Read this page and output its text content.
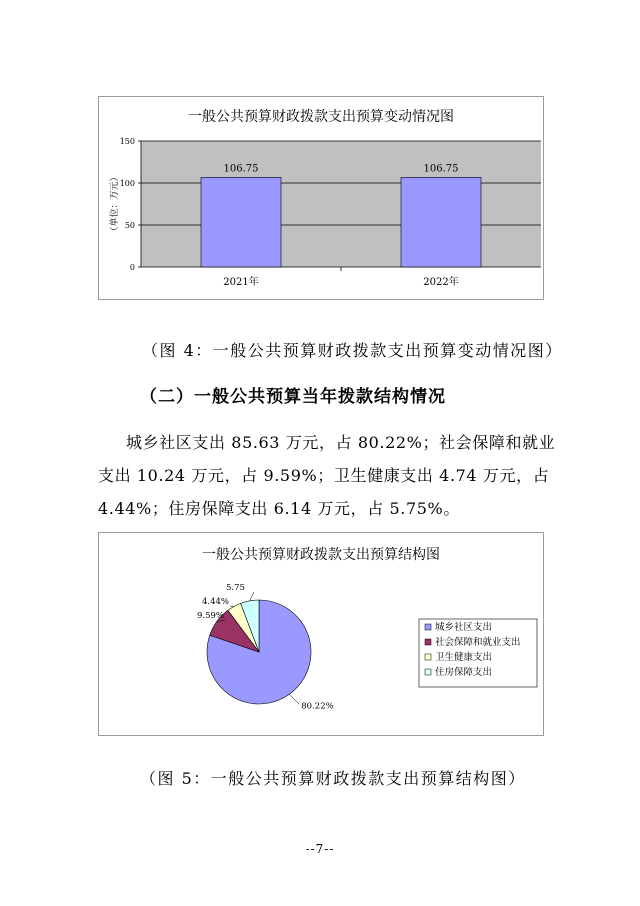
一般公共预算财政拨款支出预算变动情况图
0
50
100
150
（单位：万元）
106.75
2021年
106.75
2022年
（图 4：一般公共预算财政拨款支出预算变动情况图）
（二）一般公共预算当年拨款结构情况
城乡社区支出 85.63 万元，占 80.22%；社会保障和就业
支出 10.24 万元，占 9.59%；卫生健康支出 4.74 万元，占
4.44%；住房保障支出 6.14 万元，占 5.75%。
一般公共预算财政拨款支出预算结构图
80.22%
9.59%
4.44%
5.75
城乡社区支出
社会保障和就业支出
卫生健康支出
住房保障支出
（图 5：一般公共预算财政拨款支出预算结构图）
--7--
